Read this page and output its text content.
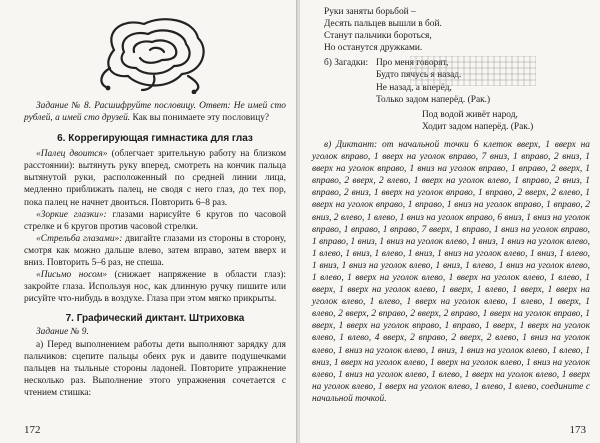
Задание № 8. Расшифруйте пословицу. Ответ: Не имей сто рублей, а имей сто друзей. Как вы понимаете эту пословицу?

6. Коррегирующая гимнастика для глаз

«Палец двоится» (облегчает зрительную работу на близком расстоянии): вытянуть руку вперед, смотреть на кончик пальца вытянутой руки, расположенный по средней линии лица, медленно приближать палец, не сводя с него глаз, до тех пор, пока палец не начнет двоиться. Повторить 6–8 раз.

«Зоркие глазки»: глазами нарисуйте 6 кругов по часовой стрелке и 6 кругов против часовой стрелки.

«Стрельба глазами»: двигайте глазами из стороны в сторону, смотря как можно дальше влево, затем вправо, затем вверх и вниз. Повторить 5–6 раз, не спеша.

«Письмо носом» (снижает напряжение в области глаз): закройте глаза. Используя нос, как длинную ручку пишите или рисуйте что-нибудь в воздухе. Глаза при этом мягко прикрыты.

7. Графический диктант. Штриховка

Задание № 9.

а) Перед выполнением работы дети выполняют зарядку для пальчиков: сцепите пальцы обеих рук и давите подушечками пальцев на тыльные стороны ладоней. Повторите упражнение несколько раз. Выполнение этого упражнения сочетается с чтением стишка:

172

Руки заняты борьбой –

Десять пальцев вышли в бой.

Станут пальчики бороться,

Но останутся дружками.

б) Загадки: Про меня говорят,

Будто пячусь я назад.

Не назад, а вперёд,

Только задом наперёд. (Рак.)

Под водой живёт народ,

Ходит задом наперёд. (Рак.)

в) Диктант: от начальной точки 6 клеток вверх, 1 вверх на уголок вправо, 1 вверх на уголок вправо, 7 вниз, 1 вправо, 2 вниз, 1 вверх на уголок вправо, 1 вниз на уголок вправо, 1 вправо, 2 вверх, 1 вправо, 2 вверх, 2 влево, 1 вверх на уголок влево, 1 вправо, 2 вниз, 1 вправо, 2 вниз, 1 вверх на уголок вправо, 1 вправо, 2 вверх, 2 влево, 1 вверх на уголок вправо, 1 вправо, 1 вниз на уголок вправо, 1 вправо, 2 вниз, 2 влево, 1 влево, 1 вниз на уголок вправо, 6 вниз, 1 вниз на уголок вправо, 1 вправо, 1 вправо, 7 вверх, 1 вправо, 1 вниз на уголок вправо, 1 вправо, 1 вниз, 1 вниз на уголок влево, 1 вниз, 1 вниз на уголок влево, 1 влево, 1 вниз, 1 влево, 1 вниз, 1 вниз на уголок влево, 1 вниз, 1 влево, 1 вниз, 1 вниз на уголок влево, 1 вниз, 1 влево, 1 вниз на уголок влево, 1 влево, 1 вверх на уголок влево, 1 вверх на уголок влево, 1 влево, 1 вверх, 1 вверх на уголок влево, 1 вверх, 1 влево, 1 вверх, 1 вверх на уголок влево, 1 влево, 1 вверх на уголок влево, 1 влево, 1 вверх, 1 влево, 2 вверх, 2 вправо, 2 вверх, 2 вправо, 1 вверх на уголок вправо, 1 вверх, 1 вверх на уголок вправо, 1 вправо, 1 вверх, 1 вверх на уголок влево, 1 влево, 4 вверх, 2 вправо, 2 вверх, 2 влево, 1 вниз на уголок влево, 1 вниз на уголок влево, 1 вниз, 1 вниз на уголок влево, 1 влево, 1 вниз, 1 вверх на уголок влево, 1 вверх на уголок влево, 1 вниз на уголок влево, 1 вниз на уголок влево, 1 влево, 1 вверх на уголок влево, 1 вверх на уголок влево, 1 вверх на уголок влево, 1 влево, 1 влево, соедините с начальной точкой.

173
